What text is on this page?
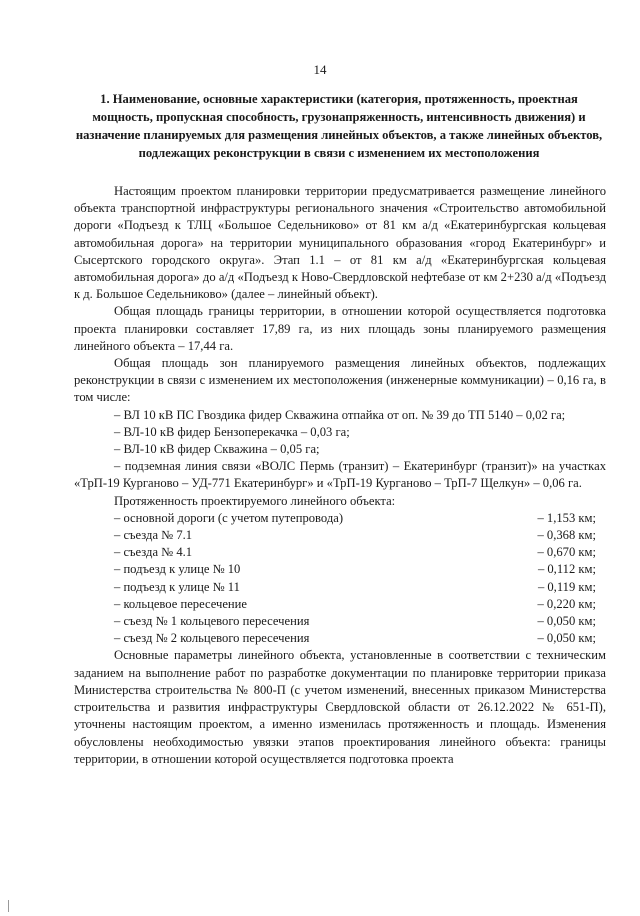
14
1. Наименование, основные характеристики (категория, протяженность, проектная мощность, пропускная способность, грузонапряженность, интенсивность движения) и назначение планируемых для размещения линейных объектов, а также линейных объектов, подлежащих реконструкции в связи с изменением их местоположения

Настоящим проектом планировки территории предусматривается размещение линейного объекта транспортной инфраструктуры регионального значения «Строительство автомобильной дороги «Подъезд к ТЛЦ «Большое Седельниково» от 81 км а/д «Екатеринбургская кольцевая автомобильная дорога» на территории муниципального образования «город Екатеринбург» и Сысертского городского округа». Этап 1.1 – от 81 км а/д «Екатеринбургская кольцевая автомобильная дорога» до а/д «Подъезд к Ново-Свердловской нефтебазе от км 2+230 а/д «Подъезд к д. Большое Седельниково» (далее – линейный объект).

Общая площадь границы территории, в отношении которой осуществляется подготовка проекта планировки составляет 17,89 га, из них площадь зоны планируемого размещения линейного объекта – 17,44 га.

Общая площадь зон планируемого размещения линейных объектов, подлежащих реконструкции в связи с изменением их местоположения (инженерные коммуникации) – 0,16 га, в том числе:

– ВЛ 10 кВ ПС Гвоздика фидер Скважина отпайка от оп. № 39 до ТП 5140 – 0,02 га;

– ВЛ-10 кВ фидер Бензоперекачка – 0,03 га;

– ВЛ-10 кВ фидер Скважина – 0,05 га;

– подземная линия связи «ВОЛС Пермь (транзит) – Екатеринбург (транзит)» на участках «ТрП-19 Курганово – УД-771 Екатеринбург» и «ТрП-19 Курганово – ТрП-7 Щелкун» – 0,06 га.

Протяженность проектируемого линейного объекта:

– основной дороги (с учетом путепровода)	– 1,153 км;
– съезда № 7.1	– 0,368 км;
– съезда № 4.1	– 0,670 км;
– подъезд к улице № 10	– 0,112 км;
– подъезд к улице № 11	– 0,119 км;
– кольцевое пересечение	– 0,220 км;
– съезд № 1 кольцевого пересечения	– 0,050 км;
– съезд № 2 кольцевого пересечения	– 0,050 км;

Основные параметры линейного объекта, установленные в соответствии с техническим заданием на выполнение работ по разработке документации по планировке территории приказа Министерства строительства № 800-П (с учетом изменений, внесенных приказом Министерства строительства и развития инфраструктуры Свердловской области от 26.12.2022 № 651-П), уточнены настоящим проектом, а именно изменилась протяженность и площадь. Изменения обусловлены необходимостью увязки этапов проектирования линейного объекта: границы территории, в отношении которой осуществляется подготовка проекта
